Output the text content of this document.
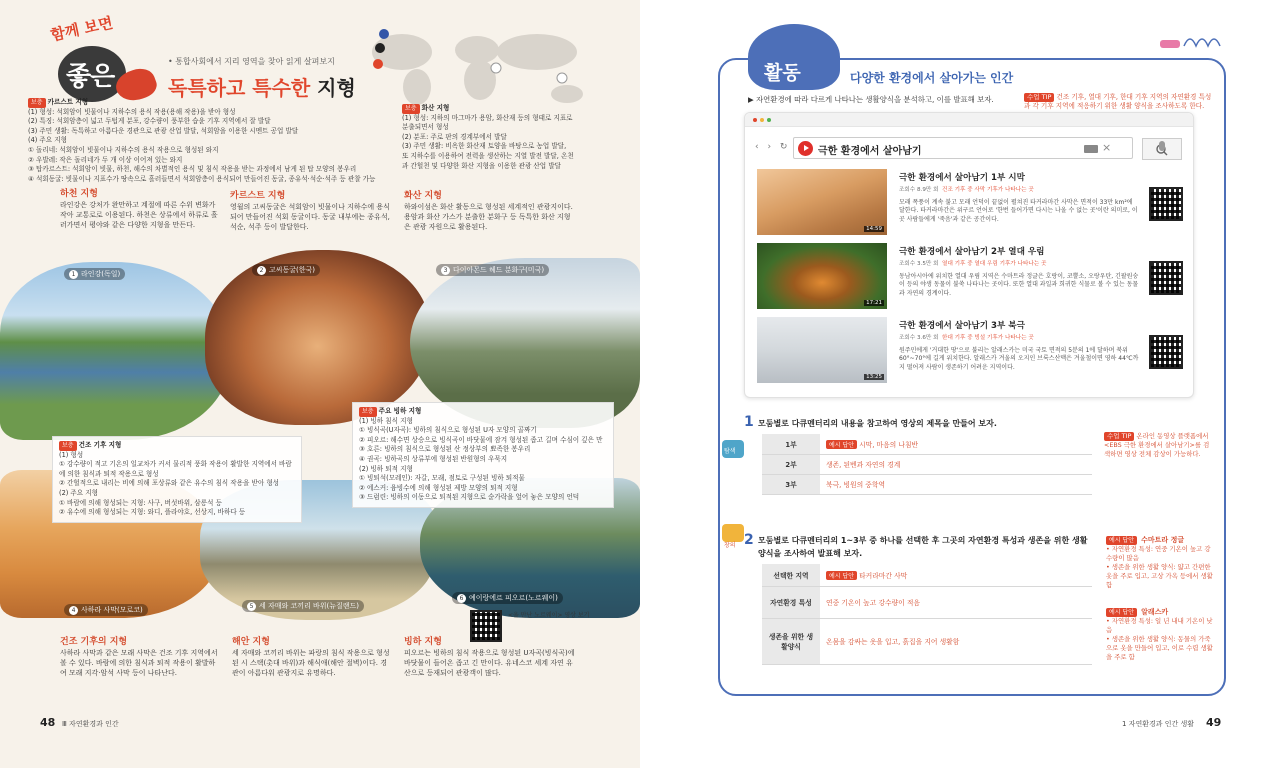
함께 보면
좋은
• 통합사회에서 지리 영역을 찾아 읽게 살펴보지
독특하고 특수한 지형
보충 카르스트 지형
(1) 형성: 석회암이 빗물이나 지하수의 용식 작용(용해 작용)을 받아 형성
(2) 특징: 석회암층이 넓고 두텁게 분포, 강수량이 풍부한 습윤 기후 지역에서 잘 발달
(3) 주민 생활: 독특하고 아름다운 경관으로 관광 산업 발달, 석회암을 이용한 시멘트 공업 발달
(4) 주요 지형
① 돌리네: 석회암이 빗물이나 지하수의 용식 작용으로 형성된 와지
② 우발레: 작은 돌리네가 두 개 이상 이어져 있는 와지
③ 탑카르스트: 석회암이 빗물, 하천, 해수의 차별적인 용식 및 침식 작용을 받는 과정에서 남게 된 탑 모양의 봉우리
④ 석회동굴: 빗물이나 지표수가 땅속으로 흘러들면서 석회암층이 용식되어 만들어진 동굴, 종유석·석순·석주 등 관찰 가능
보충 화산 지형
(1) 형성: 지하의 마그마가 용암, 화산재 등의 형태로 지표로 분출되면서 형성
(2) 분포: 주로 판의 경계부에서 발달
(3) 주민 생활: 비옥한 화산재 토양을 바탕으로 농업 발달, 또 지하수를 이용하여 전력을 생산하는 지열 발전 발달, 온천과 간헐천 및 다양한 화산 지형을 이용한 관광 산업 발달
하천 지형
라인강은 강처가 완만하고 계절에 따른 수위 변화가 작아 교통로로 이용된다. 하천은 상류에서 하류로 흘러가면서 평야와 같은 다양한 지형을 만든다.
카르스트 지형
영월의 고씨동굴은 석회암이 빗물이나 지하수에 용식되어 만들어진 석회 동굴이다. 동굴 내부에는 종유석, 석순, 석주 등이 발달한다.
화산 지형
하와이섬은 화산 활동으로 형성된 세계적인 관광지이다. 용암과 화산 가스가 분출한 분화구 등 독특한 화산 지형은 관광 자원으로 활용된다.
1 라인강(독일)	2 고씨동굴(한국)	3 다이아몬드 헤드 분화구(미국)
4 사하라 사막(모로코)	5 세 자매와 코끼리 바위(뉴질랜드)
6 예이랑에르 피오르(노르웨이)
보충 주요 빙하 지형
(1) 빙하 침식 지형
① 빙식곡(U자곡): 빙하의 침식으로 형성된 U자 모양의 골짜기
② 피오르: 해수면 상승으로 빙식곡이 바닷물에 잠겨 형성된 좁고 길며 수심이 깊은 만
③ 호른: 빙하의 침식으로 형성된 산 정상부의 뾰족한 봉우리
④ 권곡: 빙하곡의 상류부에 형성된 반원형의 우묵지
(2) 빙하 퇴적 지형
① 빙퇴석(모레인): 자갈, 모래, 점토로 구성된 빙하 퇴적물
② 에스커: 융빙수에 의해 형성된 제방 모양의 퇴적 지형
③ 드럼린: 빙하의 이동으로 퇴적된 지형으로 숟가락을 엎어 놓은 모양의 언덕
보충 건조 기후 지형
(1) 형성
① 강수량이 적고 기온의 일교차가 커서 물리적 풍화 작용이 활발한 지역에서 바람에 의한 침식과 퇴적 작용으로 형성
② 간헐적으로 내리는 비에 의해 포상류와 같은 유수의 침식 작용을 받아 형성
(2) 주요 지형
① 바람에 의해 형성되는 지형: 사구, 버섯바위, 삼릉석 등
② 유수에 의해 형성되는 지형: 와디, 플라야호, 선상지, 바하다 등
건조 기후의 지형
사하라 사막과 같은 모래 사막은 건조 기후 지역에서 볼 수 있다. 바람에 의한 침식과 퇴적 작용이 활발하여 모래 지각·암석 사막 등이 나타난다.
해안 지형
세 자매와 코끼리 바위는 파랑의 침식 작용으로 형성된 시 스택(촛대 바위)과 해식애(해안 절벽)이다. 경관이 아름다워 관광지로 유명하다.
<올 만난 노르웨이> 영상 보기
빙하 지형
피오르는 빙하의 침식 작용으로 형성된 U자곡(빙식곡)에 바닷물이 들어온 좁고 긴 만이다. 유네스코 세계 자연 유산으로 등재되어 관광객이 많다.
48 Ⅲ 자연환경과 인간
활동	다양한 환경에서 살아가는 인간
▶ 자연환경에 따라 다르게 나타나는 생활양식을 분석하고, 이를 발표해 보자.	수업 TIP 건조 기후, 열대 기후, 한대 기후 지역의 자연환경 특성과 각 기후 지역에 적응하기 위한 생활 양식을 조사하도록 한다.
‹ › ↻	극한 환경에서 살아남기	×
14:59
극한 환경에서 살아남기 1부 시막
조회수 8.9만 회 건조 기후 중 사막 기후가 나타나는 곳
모래 폭풍이 계속 불고 모래 언덕이 끝없이 펼쳐진 타커라마간 사막은 면적이 33만 km²에 달한다. 타커라마간은 위구르 언어로 '한번 들어가면 다시는 나올 수 없는 곳'이란 의미로, 이곳 사람들에게 '죽음'과 같은 공간이다.
17:21
극한 환경에서 살아남기 2부 열대 우림
조회수 3.5만 회 열대 기후 중 열대 우림 기후가 나타나는 곳
동남아시아에 위치한 열대 우림 지역은 수마트라 정글은 호랑이, 코뿔소, 오랑우탄, 긴팔원숭이 등의 야생 동물이 불쑥 나타나는 곳이다. 또한 열대 과일과 희귀한 식물로 볼 수 있는 동물과 자연의 경계이다.
13:25
극한 환경에서 살아남기 3부 북극
조회수 3.6만 회 한대 기후 중 빙설 기후가 나타나는 곳
원주민에게 '거대한 땅'으로 불리는 알래스카는 미국 국토 면적의 5분의 1에 달하며 북위 60°~70°에 길게 위치한다. 알래스카 겨울의 오지인 브룩스산맥은 겨울철이면 영하 44℃까지 떨어져 사람이 생존하기 어려운 지역이다.
탐색
1 모둠별로 다큐멘터리의 내용을 참고하여 영상의 제목을 만들어 보자.
1부	예시 답안 시막, 마음의 나침반
2부	생존, 된벤과 자연의 경계
3부	북극, 빙원의 중학역
수업 TIP 온라인 동영상 플랫폼에서 <EBS 극한 환경에서 살아남기>를 검색하면 영상 전체 감상이 가능하다.
창의 2 모둠별로 다큐멘터리의 1~3부 중 하나를 선택한 후 그곳의 자연환경 특성과 생존을 위한 생활양식을 조사하여 발표해 보자.
선택한 지역	예시 답안 타커라마간 사막
자연환경 특성	연중 기온이 높고 강수량이 적음
생존을 위한 생활양식	온몸을 감싸는 옷을 입고, 흙집을 지어 생활함
예시 답안 수마트라 정글
• 자연환경 특성: 연중 기온이 높고 강수량이 많음
• 생존을 위한 생활 양식: 얇고 간편한 옷을 주로 입고, 고상 가옥 등에서 생활함
예시 답안 알래스카
• 자연환경 특성: 일 년 내내 기온이 낮음
• 생존을 위한 생활 양식: 동물의 가죽으로 옷을 만들어 입고, 이로 수렵 생활을 주로 함
1 자연환경과 인간 생활 49
